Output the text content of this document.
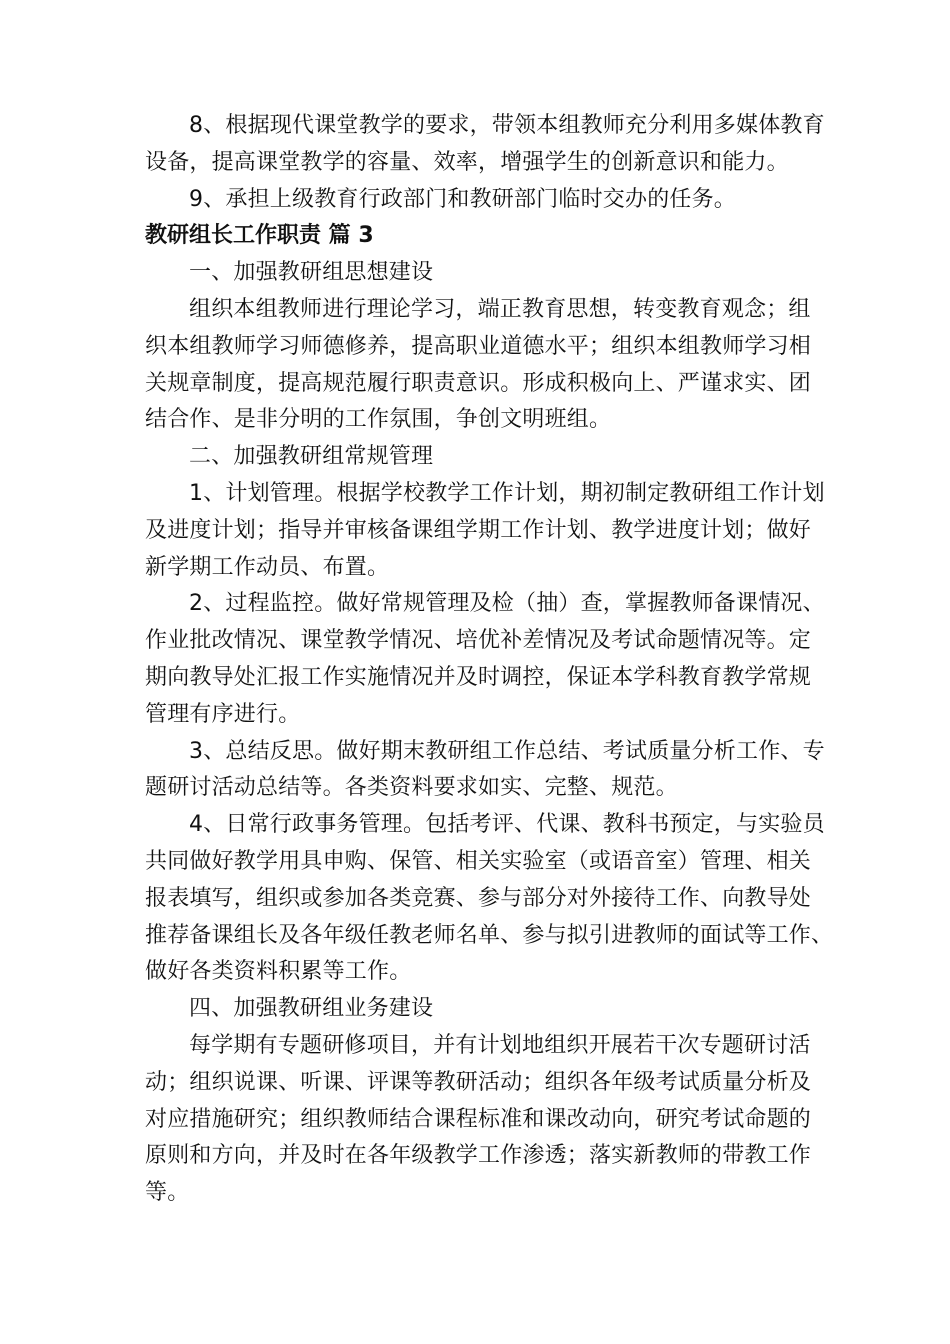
8、根据现代课堂教学的要求，带领本组教师充分利用多媒体教育
设备，提高课堂教学的容量、效率，增强学生的创新意识和能力。
9、承担上级教育行政部门和教研部门临时交办的任务。
教研组长工作职责 篇 3
一、加强教研组思想建设
组织本组教师进行理论学习，端正教育思想，转变教育观念；组
织本组教师学习师德修养，提高职业道德水平；组织本组教师学习相
关规章制度，提高规范履行职责意识。形成积极向上、严谨求实、团
结合作、是非分明的工作氛围，争创文明班组。
二、加强教研组常规管理
1、计划管理。根据学校教学工作计划，期初制定教研组工作计划
及进度计划；指导并审核备课组学期工作计划、教学进度计划；做好
新学期工作动员、布置。
2、过程监控。做好常规管理及检（抽）查，掌握教师备课情况、
作业批改情况、课堂教学情况、培优补差情况及考试命题情况等。定
期向教导处汇报工作实施情况并及时调控，保证本学科教育教学常规
管理有序进行。
3、总结反思。做好期末教研组工作总结、考试质量分析工作、专
题研讨活动总结等。各类资料要求如实、完整、规范。
4、日常行政事务管理。包括考评、代课、教科书预定，与实验员
共同做好教学用具申购、保管、相关实验室（或语音室）管理、相关
报表填写，组织或参加各类竞赛、参与部分对外接待工作、向教导处
推荐备课组长及各年级任教老师名单、参与拟引进教师的面试等工作、
做好各类资料积累等工作。
四、加强教研组业务建设
每学期有专题研修项目，并有计划地组织开展若干次专题研讨活
动；组织说课、听课、评课等教研活动；组织各年级考试质量分析及
对应措施研究；组织教师结合课程标准和课改动向，研究考试命题的
原则和方向，并及时在各年级教学工作渗透；落实新教师的带教工作
等。
